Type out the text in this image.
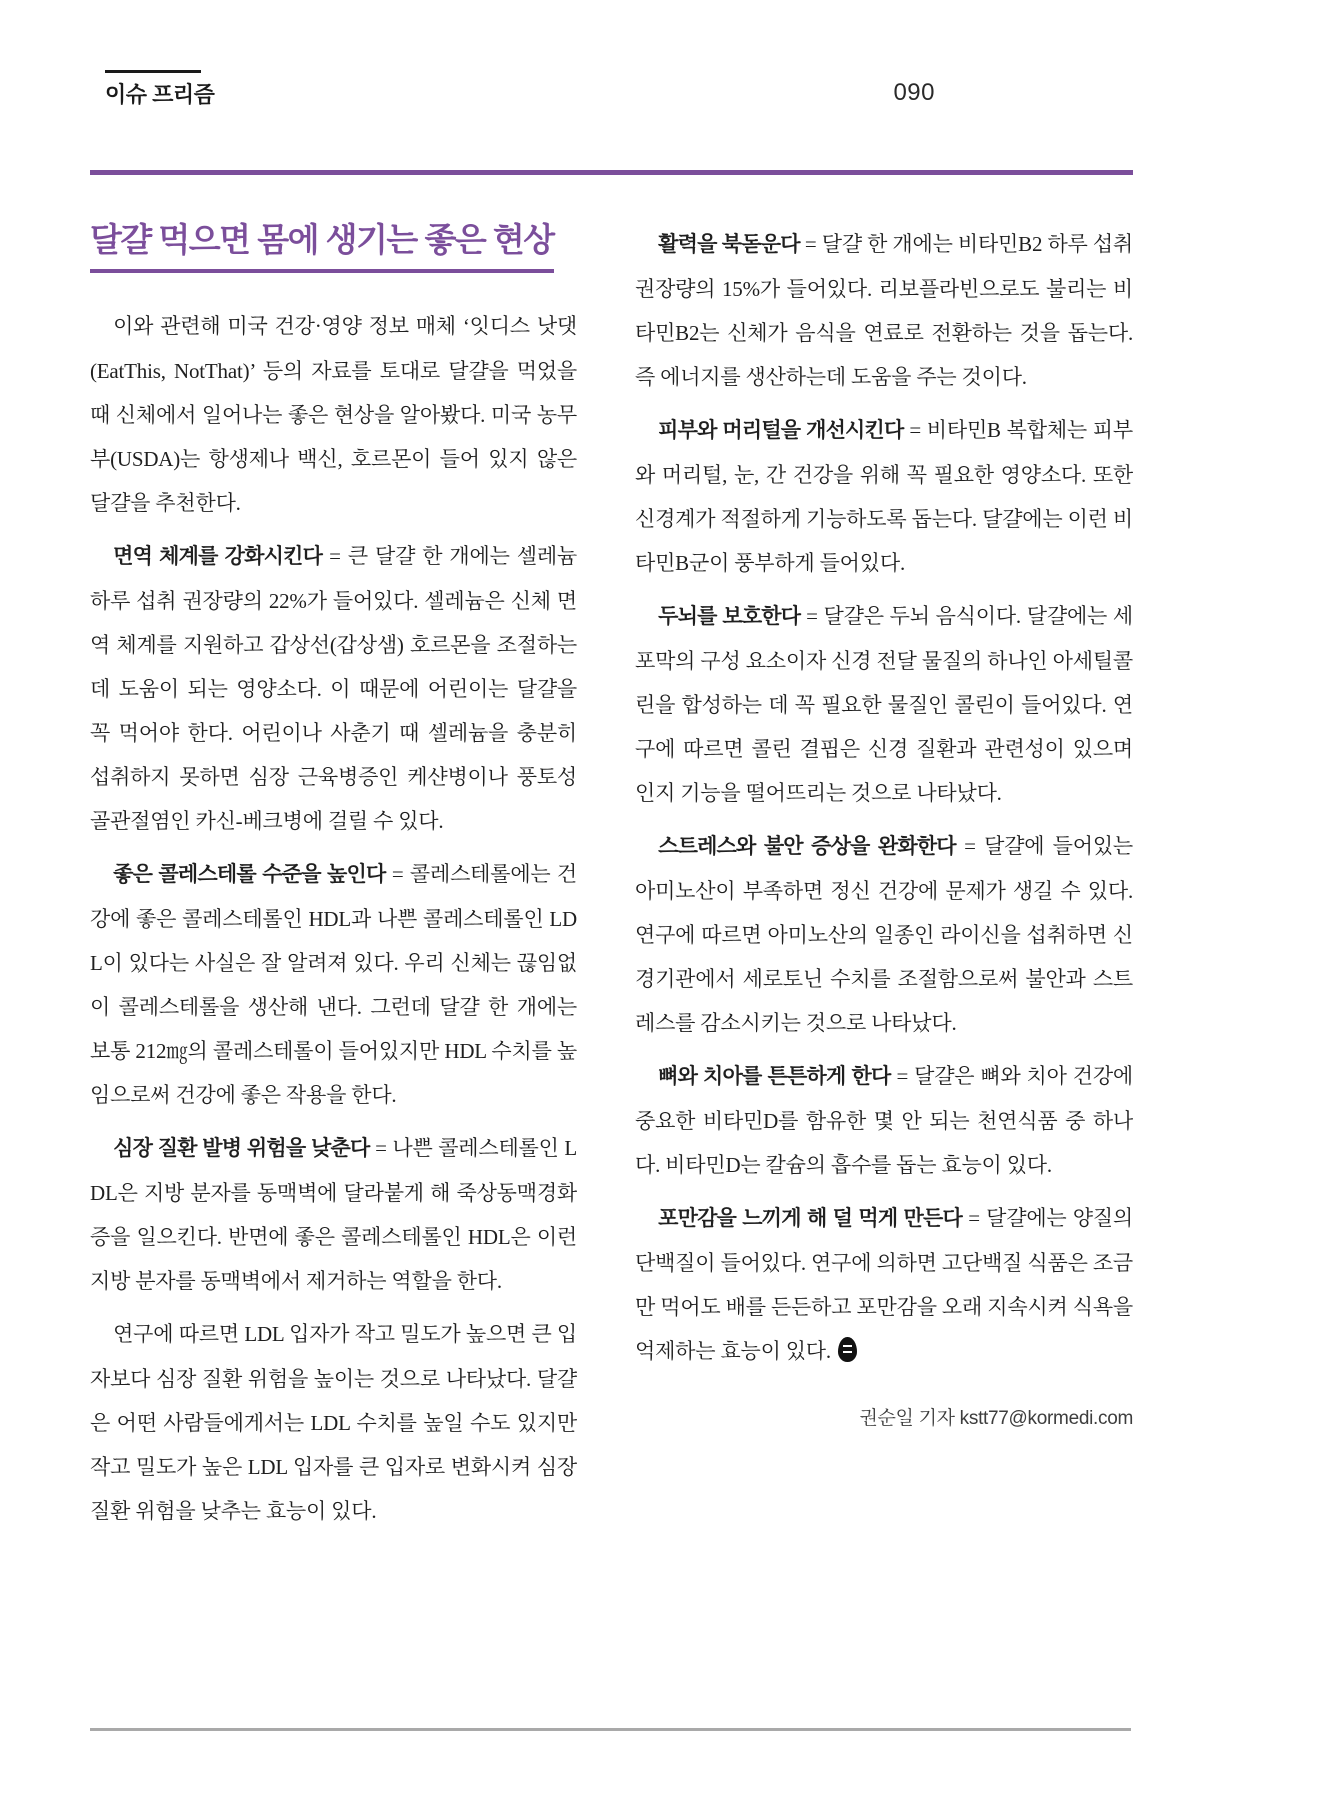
이슈 프리즘	090
달걀 먹으면 몸에 생기는 좋은 현상

이와 관련해 미국 건강·영양 정보 매체 ‘잇디스 낫댓(EatThis, NotThat)’ 등의 자료를 토대로 달걀을 먹었을 때 신체에서 일어나는 좋은 현상을 알아봤다. 미국 농무부(USDA)는 항생제나 백신, 호르몬이 들어 있지 않은 달걀을 추천한다.

면역 체계를 강화시킨다 = 큰 달걀 한 개에는 셀레늄 하루 섭취 권장량의 22%가 들어있다. 셀레늄은 신체 면역 체계를 지원하고 갑상선(갑상샘) 호르몬을 조절하는 데 도움이 되는 영양소다. 이 때문에 어린이는 달걀을 꼭 먹어야 한다. 어린이나 사춘기 때 셀레늄을 충분히 섭취하지 못하면 심장 근육병증인 케샨병이나 풍토성 골관절염인 카신-베크병에 걸릴 수 있다.

좋은 콜레스테롤 수준을 높인다 = 콜레스테롤에는 건강에 좋은 콜레스테롤인 HDL과 나쁜 콜레스테롤인 LDL이 있다는 사실은 잘 알려져 있다. 우리 신체는 끊임없이 콜레스테롤을 생산해 낸다. 그런데 달걀 한 개에는 보통 212㎎의 콜레스테롤이 들어있지만 HDL 수치를 높임으로써 건강에 좋은 작용을 한다.

심장 질환 발병 위험을 낮춘다 = 나쁜 콜레스테롤인 LDL은 지방 분자를 동맥벽에 달라붙게 해 죽상동맥경화증을 일으킨다. 반면에 좋은 콜레스테롤인 HDL은 이런 지방 분자를 동맥벽에서 제거하는 역할을 한다.

연구에 따르면 LDL 입자가 작고 밀도가 높으면 큰 입자보다 심장 질환 위험을 높이는 것으로 나타났다. 달걀은 어떤 사람들에게서는 LDL 수치를 높일 수도 있지만 작고 밀도가 높은 LDL 입자를 큰 입자로 변화시켜 심장 질환 위험을 낮추는 효능이 있다.

활력을 북돋운다 = 달걀 한 개에는 비타민B2 하루 섭취 권장량의 15%가 들어있다. 리보플라빈으로도 불리는 비타민B2는 신체가 음식을 연료로 전환하는 것을 돕는다. 즉 에너지를 생산하는데 도움을 주는 것이다.

피부와 머리털을 개선시킨다 = 비타민B 복합체는 피부와 머리털, 눈, 간 건강을 위해 꼭 필요한 영양소다. 또한 신경계가 적절하게 기능하도록 돕는다. 달걀에는 이런 비타민B군이 풍부하게 들어있다.

두뇌를 보호한다 = 달걀은 두뇌 음식이다. 달걀에는 세포막의 구성 요소이자 신경 전달 물질의 하나인 아세틸콜린을 합성하는 데 꼭 필요한 물질인 콜린이 들어있다. 연구에 따르면 콜린 결핍은 신경 질환과 관련성이 있으며 인지 기능을 떨어뜨리는 것으로 나타났다.

스트레스와 불안 증상을 완화한다 = 달걀에 들어있는 아미노산이 부족하면 정신 건강에 문제가 생길 수 있다. 연구에 따르면 아미노산의 일종인 라이신을 섭취하면 신경기관에서 세로토닌 수치를 조절함으로써 불안과 스트레스를 감소시키는 것으로 나타났다.

뼈와 치아를 튼튼하게 한다 = 달걀은 뼈와 치아 건강에 중요한 비타민D를 함유한 몇 안 되는 천연식품 중 하나다. 비타민D는 칼슘의 흡수를 돕는 효능이 있다.

포만감을 느끼게 해 덜 먹게 만든다 = 달걀에는 양질의 단백질이 들어있다. 연구에 의하면 고단백질 식품은 조금만 먹어도 배를 든든하고 포만감을 오래 지속시켜 식욕을 억제하는 효능이 있다.

권순일 기자 kstt77@kormedi.com
